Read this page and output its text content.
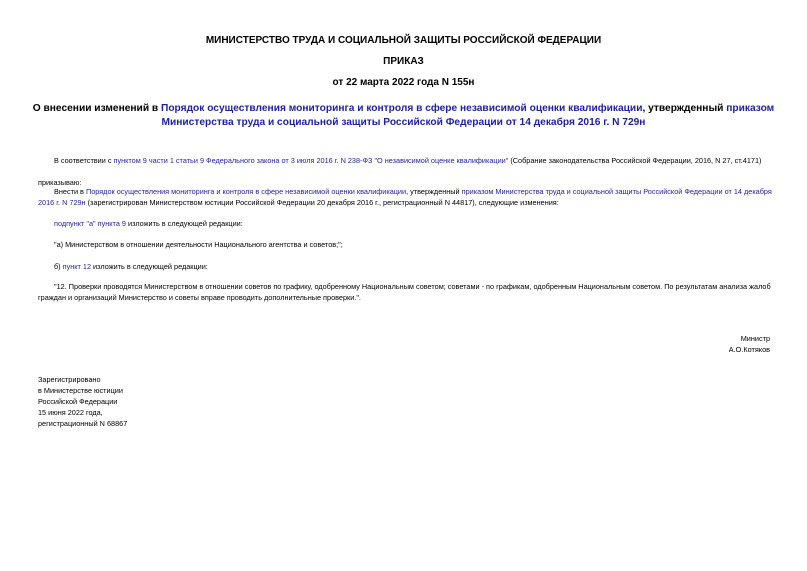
МИНИСТЕРСТВО ТРУДА И СОЦИАЛЬНОЙ ЗАЩИТЫ РОССИЙСКОЙ ФЕДЕРАЦИИ
ПРИКАЗ
от 22 марта 2022 года N 155н
О внесении изменений в Порядок осуществления мониторинга и контроля в сфере независимой оценки квалификации, утвержденный приказом Министерства труда и социальной защиты Российской Федерации от 14 декабря 2016 г. N 729н
В соответствии с пунктом 9 части 1 статьи 9 Федерального закона от 3 июля 2016 г. N 238-ФЗ "О независимой оценке квалификации" (Собрание законодательства Российской Федерации, 2016, N 27, ст.4171)
приказываю:
Внести в Порядок осуществления мониторинга и контроля в сфере независимой оценки квалификации, утвержденный приказом Министерства труда и социальной защиты Российской Федерации от 14 декабря
2016 г. N 729н (зарегистрирован Министерством юстиции Российской Федерации 20 декабря 2016 г., регистрационный N 44817), следующие изменения:
подпункт "а" пункта 9 изложить в следующей редакции:
"а) Министерством в отношении деятельности Национального агентства и советов;";
б) пункт 12 изложить в следующей редакции:
"12. Проверки проводятся Министерством в отношении советов по графику, одобренному Национальным советом; советами - по графикам, одобренным Национальным советом. По результатам анализа жалоб
граждан и организаций Министерство и советы вправе проводить дополнительные проверки.".
Министр
А.О.Котяков
Зарегистрировано
в Министерстве юстиции
Российской Федерации
15 июня 2022 года,
регистрационный N 68867
